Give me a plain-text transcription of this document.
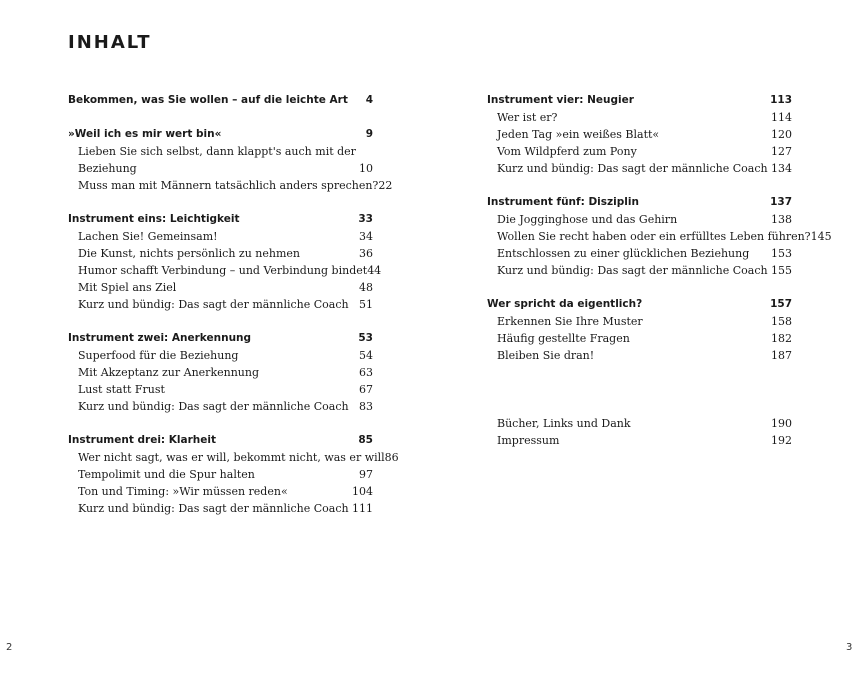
INHALT
Bekommen, was Sie wollen – auf die leichte Art 4
»Weil ich es mir wert bin«	9
Lieben Sie sich selbst, dann klappt's auch mit der
Beziehung	10
Muss man mit Männern tatsächlich anders sprechen? 22
Instrument eins: Leichtigkeit	33
Lachen Sie! Gemeinsam!	34
Die Kunst, nichts persönlich zu nehmen	36
Humor schafft Verbindung – und Verbindung bindet 44
Mit Spiel ans Ziel	48
Kurz und bündig: Das sagt der männliche Coach 51
Instrument zwei: Anerkennung	53
Superfood für die Beziehung	54
Mit Akzeptanz zur Anerkennung	63
Lust statt Frust	67
Kurz und bündig: Das sagt der männliche Coach 83
Instrument drei: Klarheit	85
Wer nicht sagt, was er will, bekommt nicht, was er will 86
Tempolimit und die Spur halten	97
Ton und Timing: »Wir müssen reden«	104
Kurz und bündig: Das sagt der männliche Coach 111
Instrument vier: Neugier	113
Wer ist er?	114
Jeden Tag »ein weißes Blatt«	120
Vom Wildpferd zum Pony	127
Kurz und bündig: Das sagt der männliche Coach 134
Instrument fünf: Disziplin	137
Die Jogginghose und das Gehirn	138
Wollen Sie recht haben oder ein erfülltes Leben führen? 145
Entschlossen zu einer glücklichen Beziehung 153
Kurz und bündig: Das sagt der männliche Coach 155
Wer spricht da eigentlich?	157
Erkennen Sie Ihre Muster	158
Häufig gestellte Fragen	182
Bleiben Sie dran!	187
Bücher, Links und Dank	190
Impressum	192
2	3
